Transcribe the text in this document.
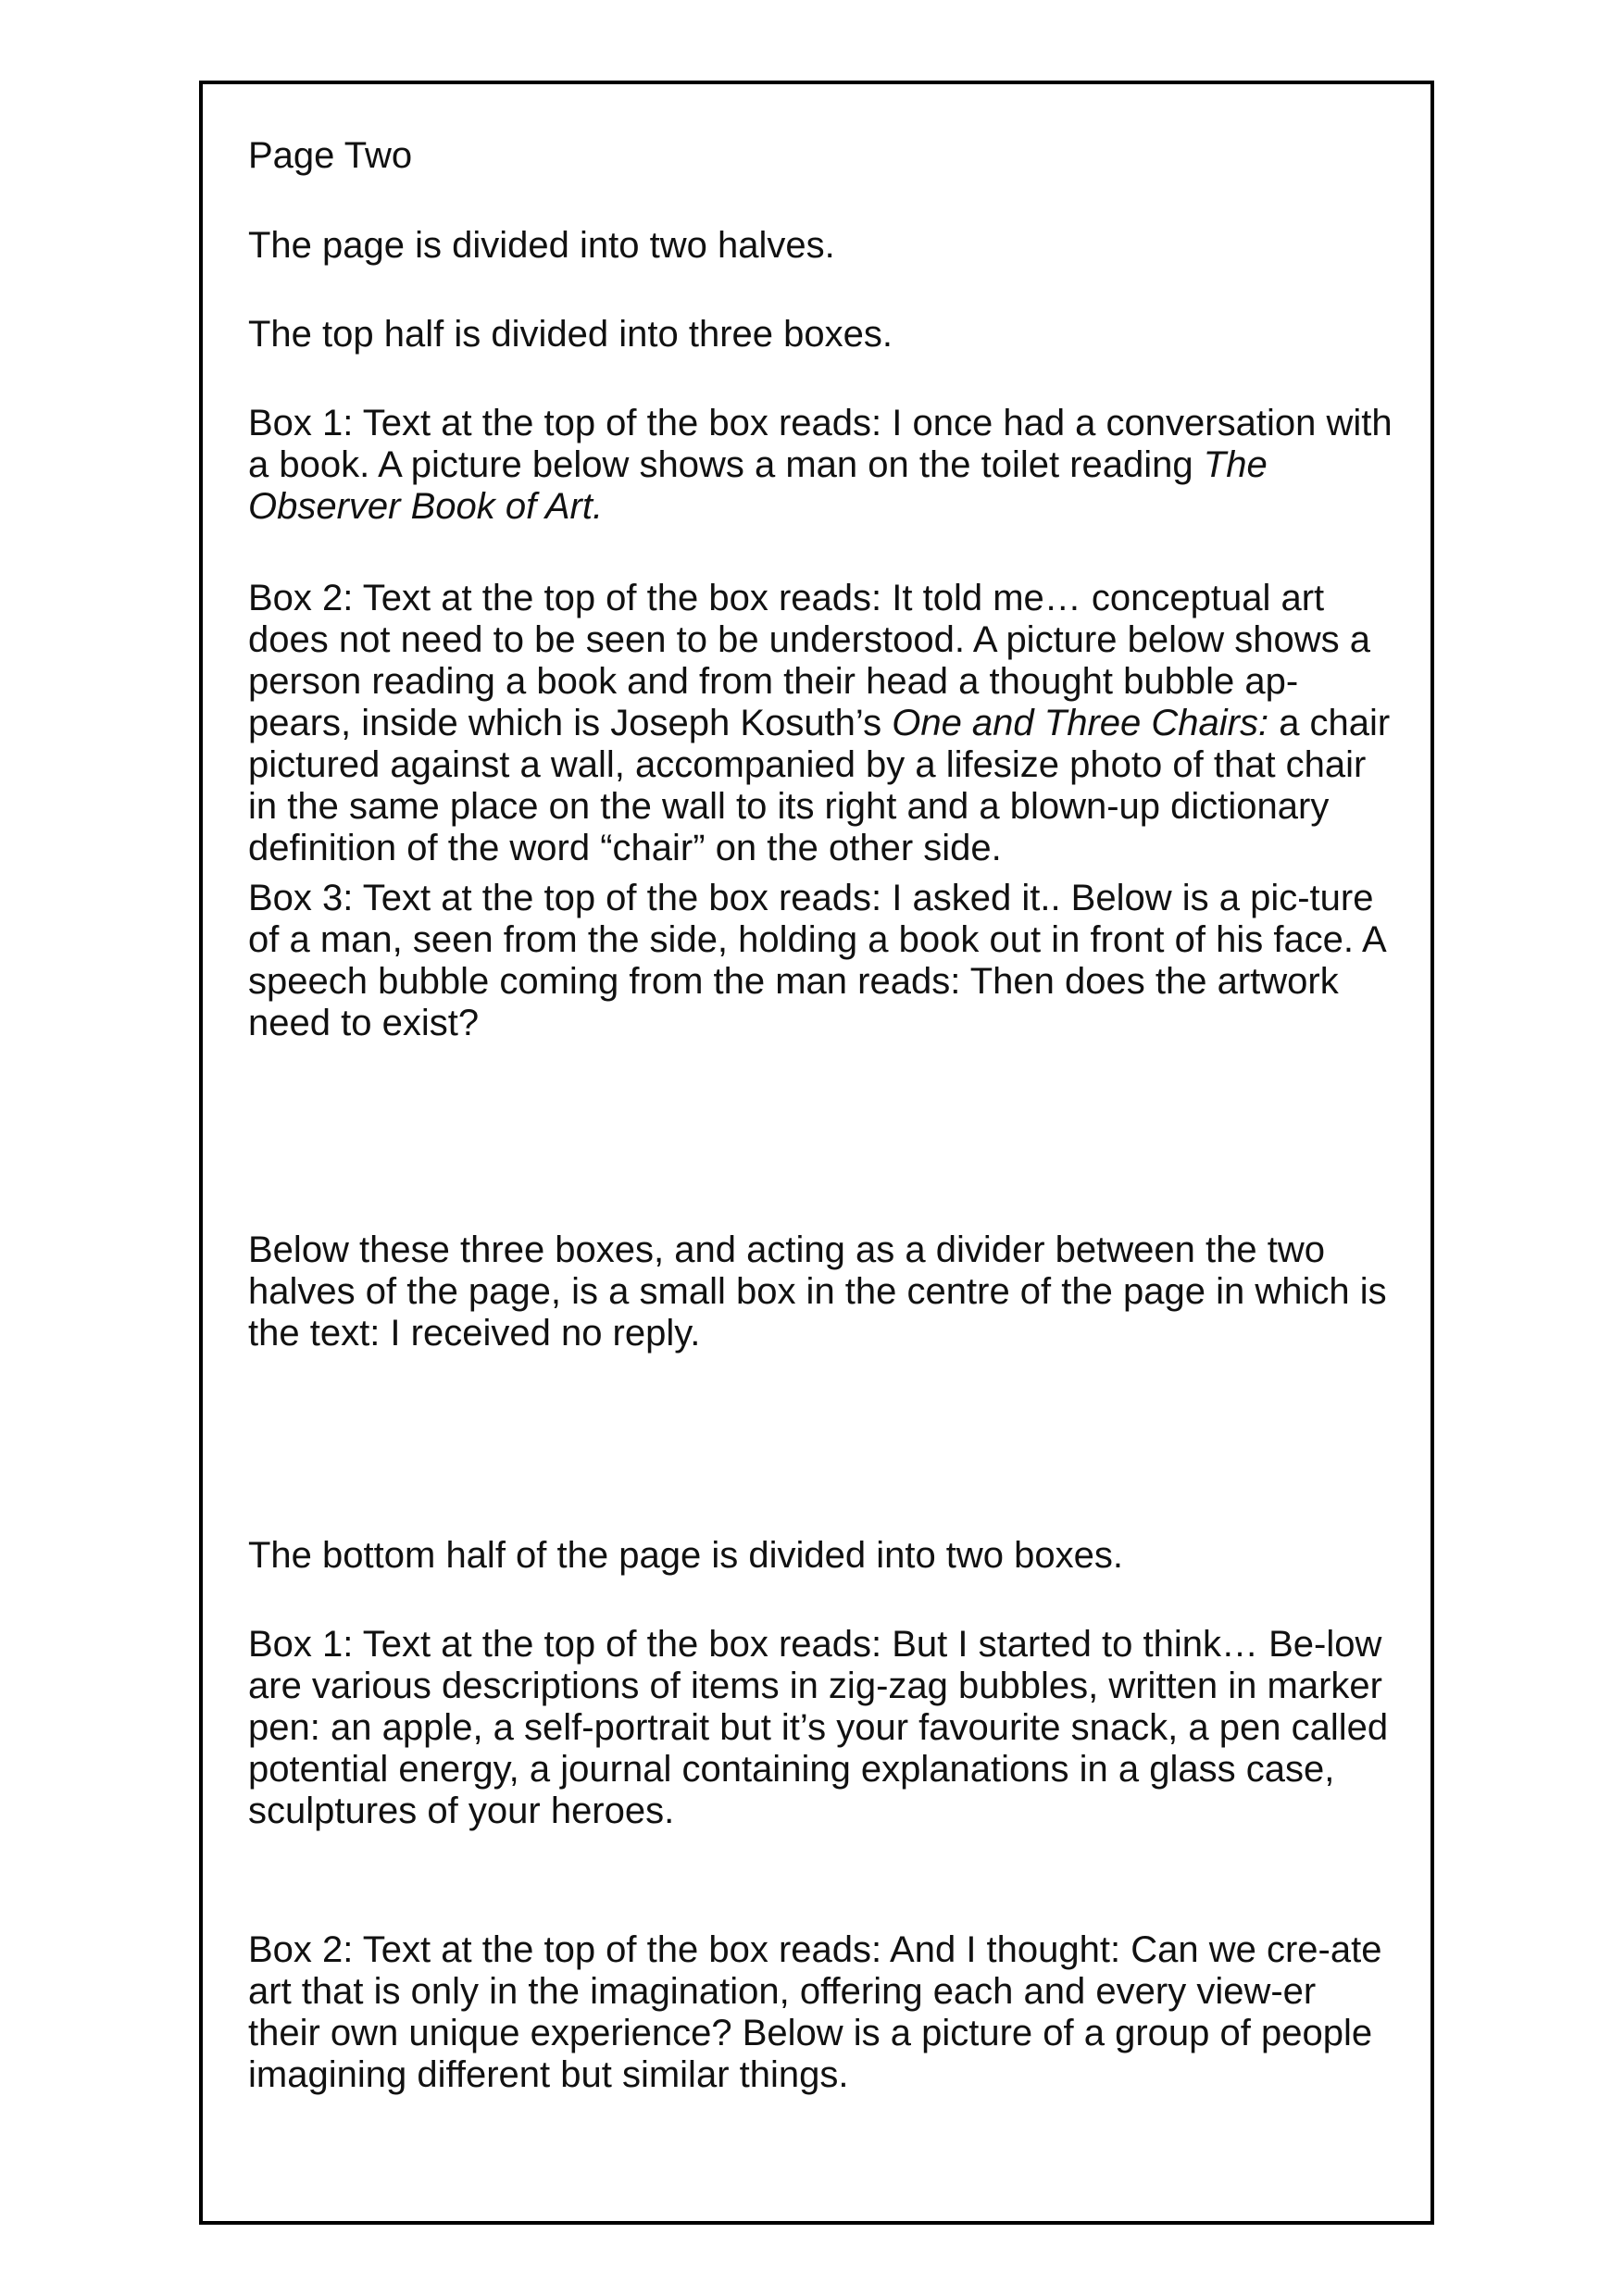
Page Two

The page is divided into two halves.

The top half is divided into three boxes.

Box 1: Text at the top of the box reads: I once had a conversation with a book. A picture below shows a man on the toilet reading The Observer Book of Art.

Box 2: Text at the top of the box reads: It told me… conceptual art does not need to be seen to be understood. A picture below shows a person reading a book and from their head a thought bubble ap-pears, inside which is Joseph Kosuth’s One and Three Chairs: a chair pictured against a wall, accompanied by a lifesize photo of that chair in the same place on the wall to its right and a blown-up dictionary definition of the word “chair” on the other side.

Box 3: Text at the top of the box reads: I asked it.. Below is a pic-ture of a man, seen from the side, holding a book out in front of his face. A speech bubble coming from the man reads: Then does the artwork need to exist?

Below these three boxes, and acting as a divider between the two halves of the page, is a small box in the centre of the page in which is the text: I received no reply.

The bottom half of the page is divided into two boxes.

Box 1: Text at the top of the box reads: But I started to think… Be-low are various descriptions of items in zig-zag bubbles, written in marker pen: an apple, a self-portrait but it’s your favourite snack, a pen called potential energy, a journal containing explanations in a glass case, sculptures of your heroes.

Box 2: Text at the top of the box reads: And I thought: Can we cre-ate art that is only in the imagination, offering each and every view-er their own unique experience? Below is a picture of a group of people imagining different but similar things.
